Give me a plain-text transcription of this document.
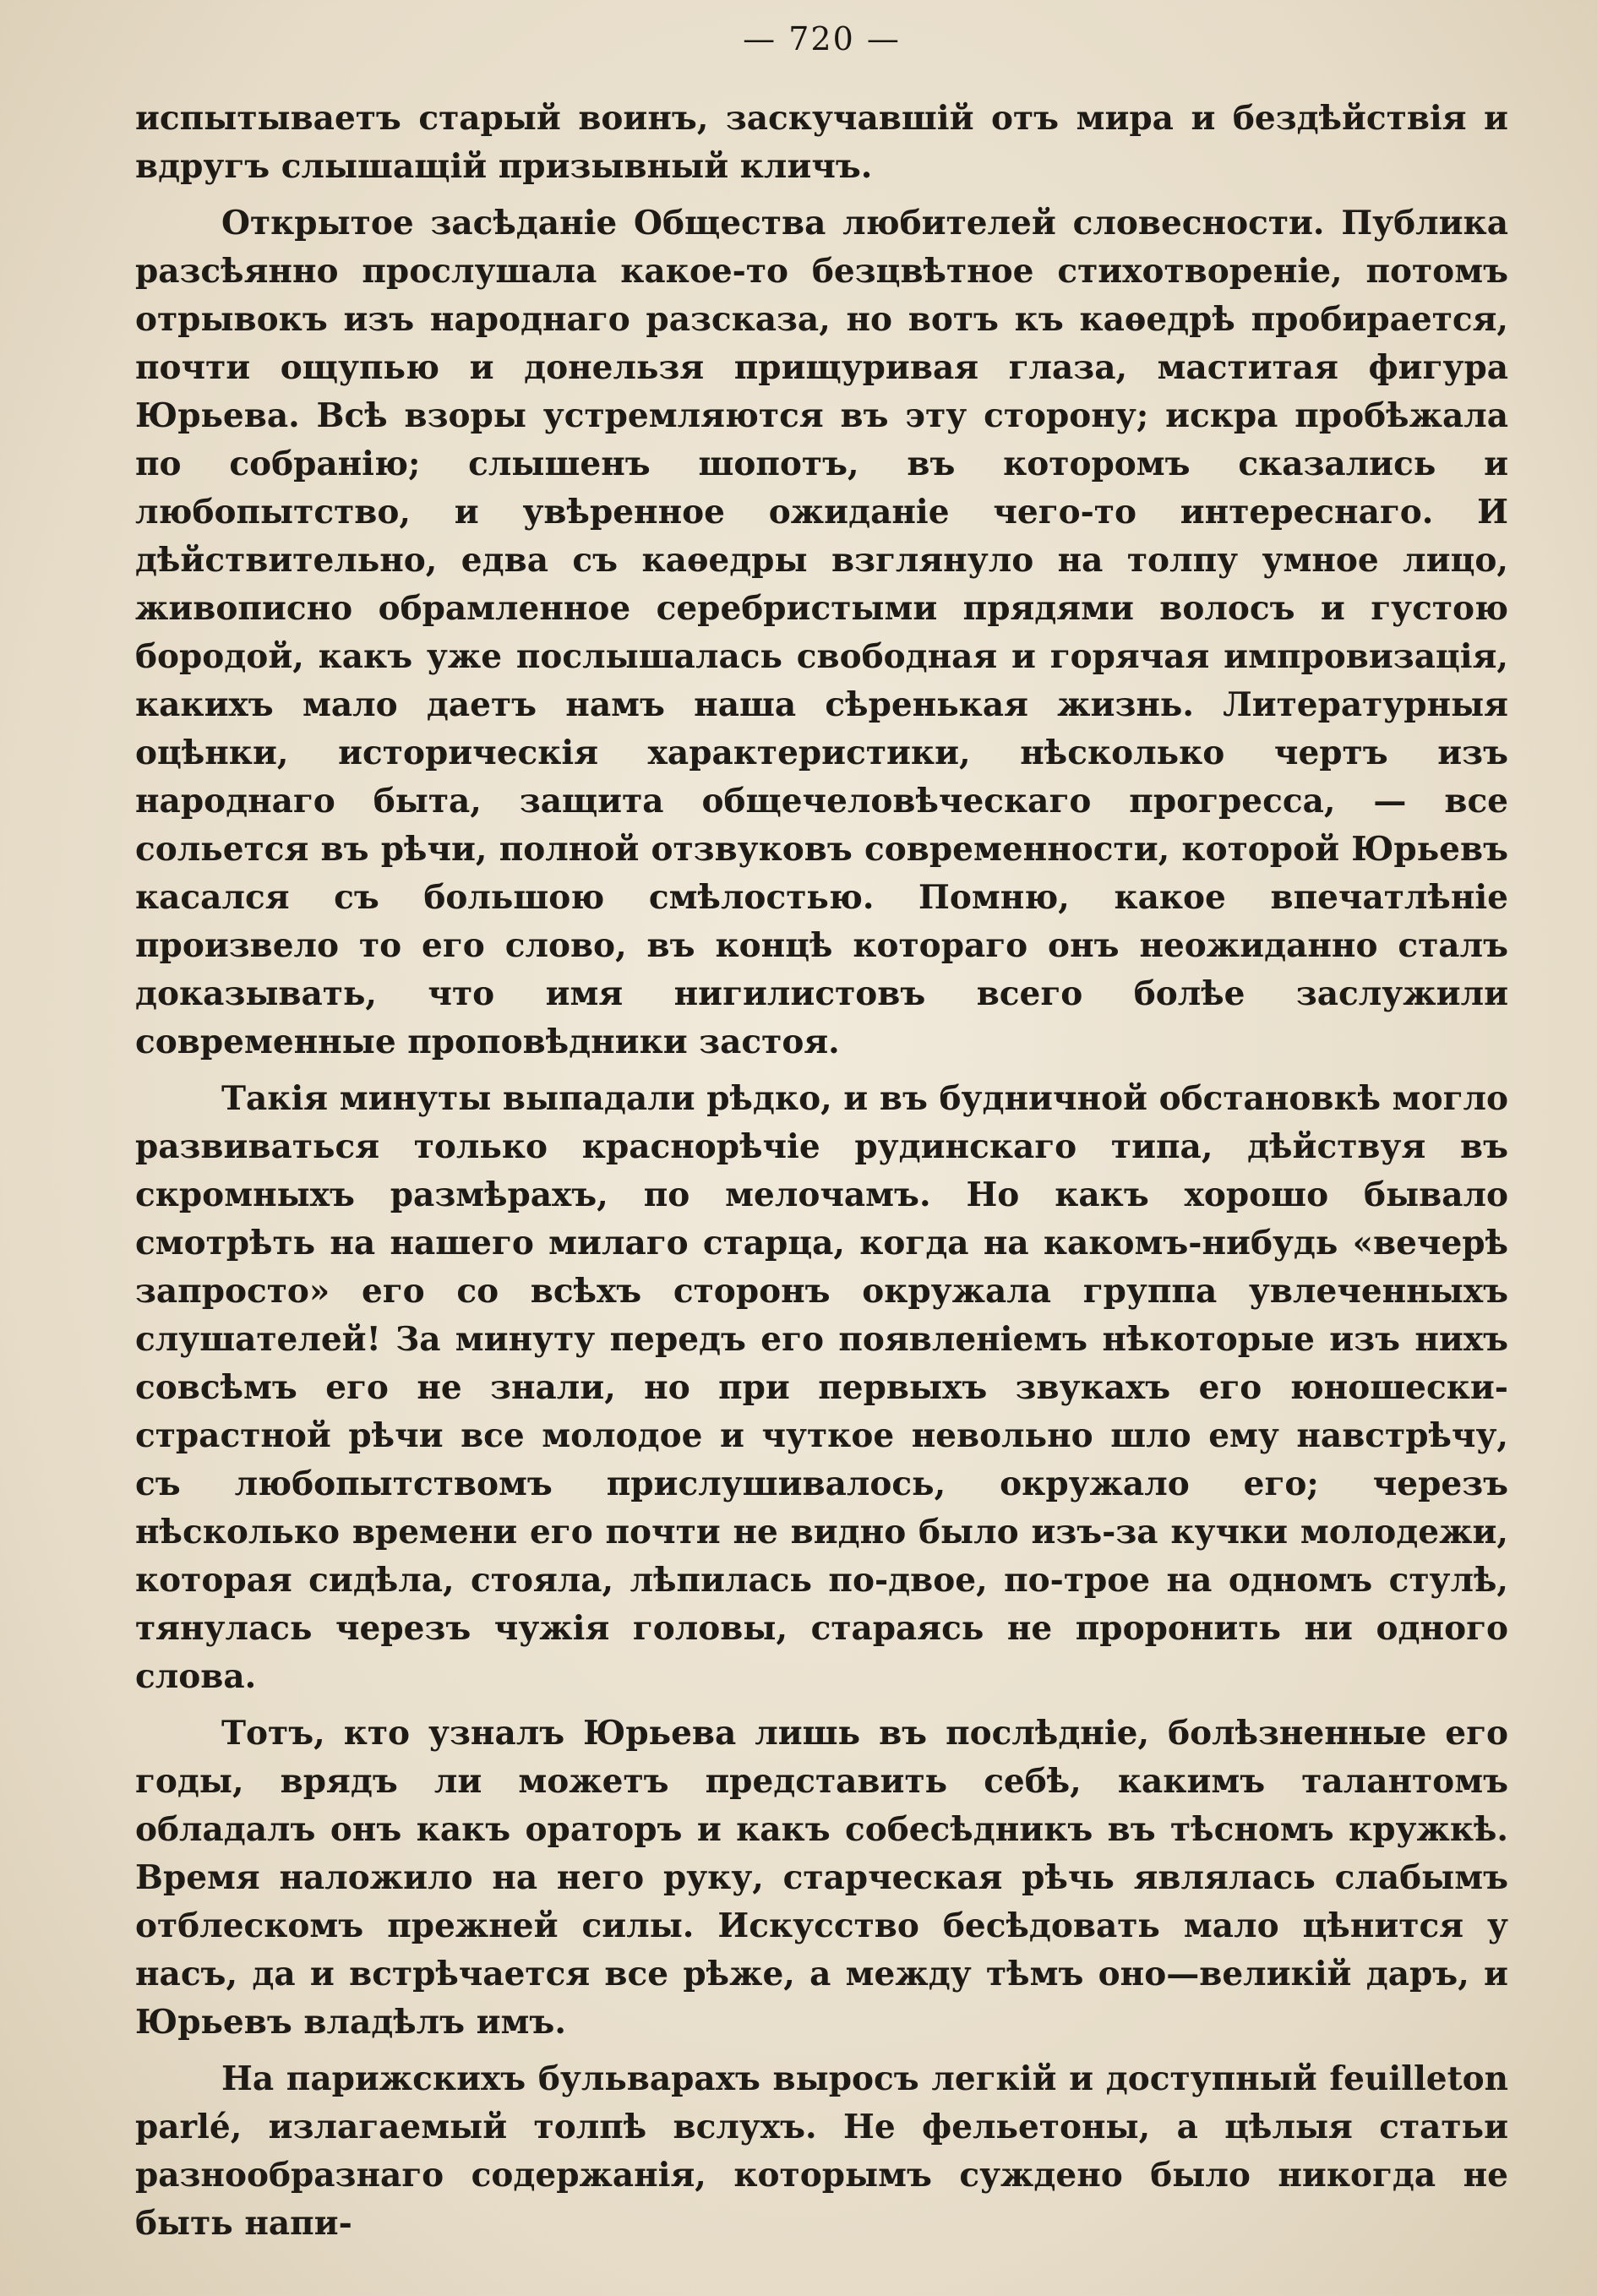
— 720 —

испытываетъ старый воинъ, заскучавшій отъ мира и бездѣйствія и вдругъ слышащій призывный кличъ.

Открытое засѣданіе Общества любителей словесности. Публика разсѣянно прослушала какое-то безцвѣтное стихотвореніе, потомъ отрывокъ изъ народнаго разсказа, но вотъ къ каѳедрѣ пробирается, почти ощупью и донельзя прищуривая глаза, маститая фигура Юрьева. Всѣ взоры устремляются въ эту сторону; искра пробѣжала по собранію; слышенъ шопотъ, въ которомъ сказались и любопытство, и увѣренное ожиданіе чего-то интереснаго. И дѣйствительно, едва съ каѳедры взглянуло на толпу умное лицо, живописно обрамленное серебристыми прядями волосъ и густою бородой, какъ уже послышалась свободная и горячая импровизація, какихъ мало даетъ намъ наша сѣренькая жизнь. Литературныя оцѣнки, историческія характеристики, нѣсколько чертъ изъ народнаго быта, защита общечеловѣческаго прогресса, — все сольется въ рѣчи, полной отзвуковъ современности, которой Юрьевъ касался съ большою смѣлостью. Помню, какое впечатлѣніе произвело то его слово, въ концѣ котораго онъ неожиданно сталъ доказывать, что имя нигилистовъ всего болѣе заслужили современные проповѣдники застоя.

Такія минуты выпадали рѣдко, и въ будничной обстановкѣ могло развиваться только краснорѣчіе рудинскаго типа, дѣйствуя въ скромныхъ размѣрахъ, по мелочамъ. Но какъ хорошо бывало смотрѣть на нашего милаго старца, когда на какомъ-нибудь «вечерѣ запросто» его со всѣхъ сторонъ окружала группа увлеченныхъ слушателей! За минуту передъ его появленіемъ нѣкоторые изъ нихъ совсѣмъ его не знали, но при первыхъ звукахъ его юношески-страстной рѣчи все молодое и чуткое невольно шло ему навстрѣчу, съ любопытствомъ прислушивалось, окружало его; черезъ нѣсколько времени его почти не видно было изъ-за кучки молодежи, которая сидѣла, стояла, лѣпилась по-двое, по-трое на одномъ стулѣ, тянулась черезъ чужія головы, стараясь не проронить ни одного слова.

Тотъ, кто узналъ Юрьева лишь въ послѣдніе, болѣзненные его годы, врядъ ли можетъ представить себѣ, какимъ талантомъ обладалъ онъ какъ ораторъ и какъ собесѣдникъ въ тѣсномъ кружкѣ. Время наложило на него руку, старческая рѣчь являлась слабымъ отблескомъ прежней силы. Искусство бесѣдовать мало цѣнится у насъ, да и встрѣчается все рѣже, а между тѣмъ оно—великій даръ, и Юрьевъ владѣлъ имъ.

На парижскихъ бульварахъ выросъ легкій и доступный feuilleton parlé, излагаемый толпѣ вслухъ. Не фельетоны, а цѣлыя статьи разнообразнаго содержанія, которымъ суждено было никогда не быть напи-
